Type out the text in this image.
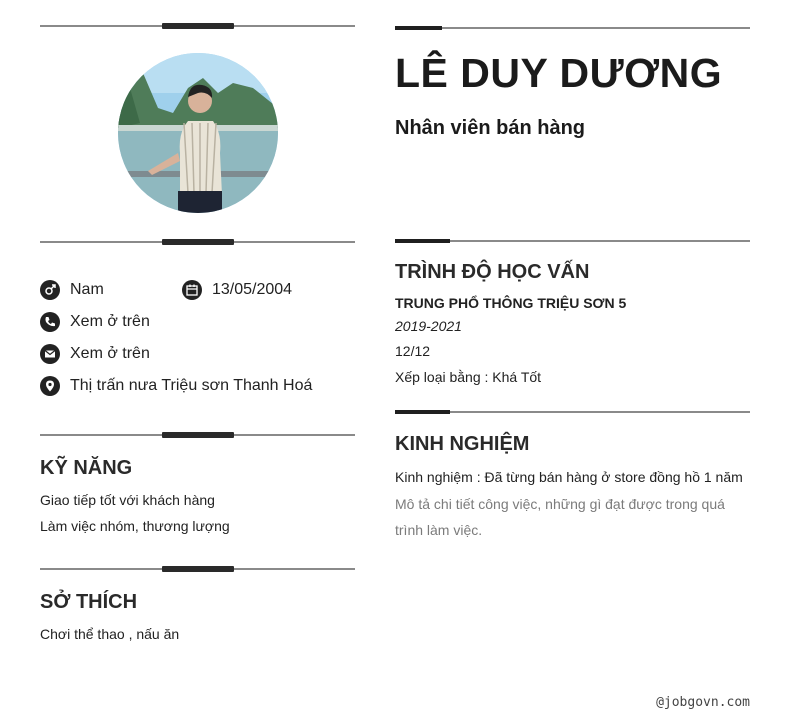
Nam	13/05/2004
Xem ở trên
Xem ở trên
Thị trấn nưa Triệu sơn Thanh Hoá
KỸ NĂNG
Giao tiếp tốt với khách hàng
Làm việc nhóm, thương lượng
SỞ THÍCH
Chơi thể thao , nấu ăn
LÊ DUY DƯƠNG
Nhân viên bán hàng
TRÌNH ĐỘ HỌC VẤN
TRUNG PHỔ THÔNG TRIỆU SƠN 5
2019-2021
12/12
Xếp loại bằng : Khá Tốt
KINH NGHIỆM
Kinh nghiệm : Đã từng bán hàng ở store đồng hồ 1 năm
Mô tả chi tiết công việc, những gì đạt được trong quá trình làm việc.
@jobgovn.com
